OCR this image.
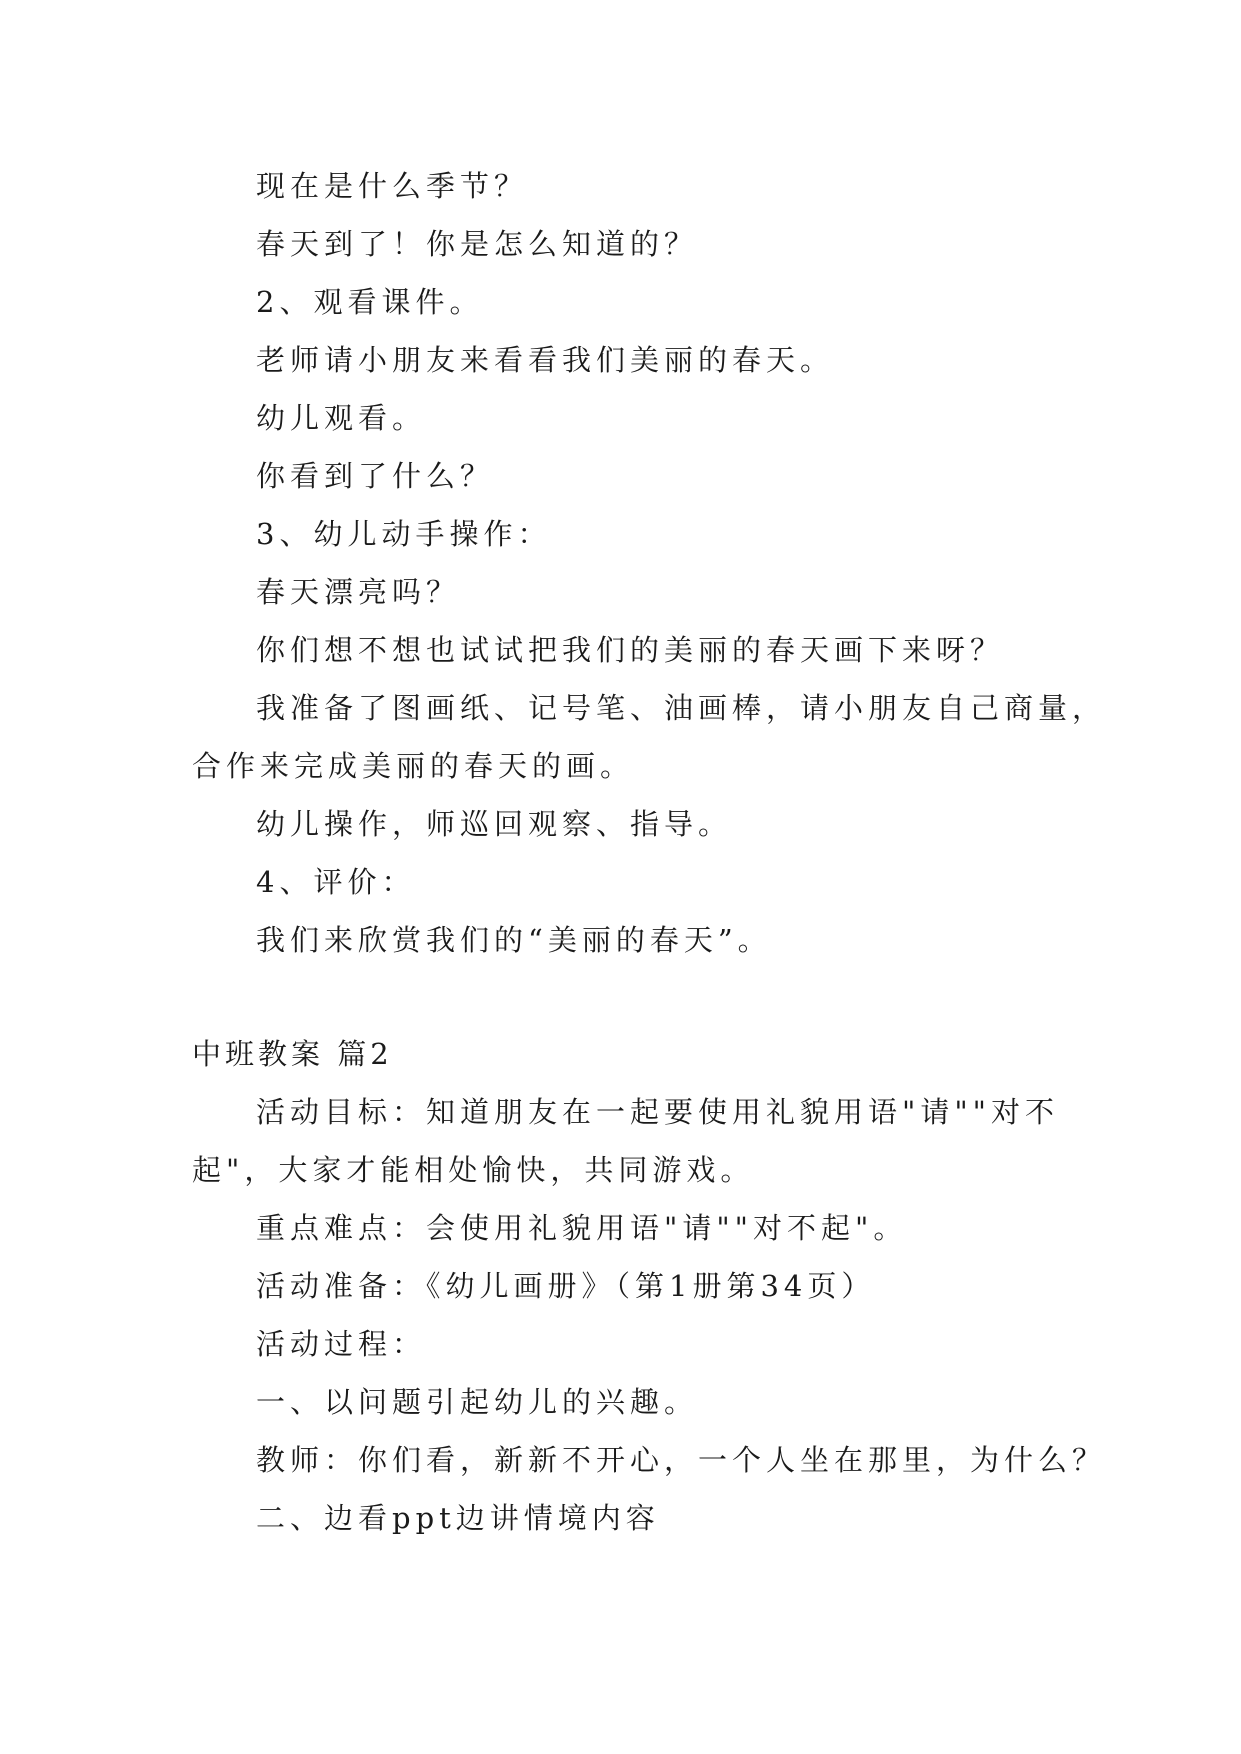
现在是什么季节？
春天到了！你是怎么知道的？
2、观看课件。
老师请小朋友来看看我们美丽的春天。
幼儿观看。
你看到了什么？
3、幼儿动手操作：
春天漂亮吗？
你们想不想也试试把我们的美丽的春天画下来呀？
我准备了图画纸、记号笔、油画棒，请小朋友自己商量，
合作来完成美丽的春天的画。
幼儿操作，师巡回观察、指导。
4、评价：
我们来欣赏我们的“美丽的春天”。
中班教案 篇2
活动目标：知道朋友在一起要使用礼貌用语"请""对不
起"，大家才能相处愉快，共同游戏。
重点难点：会使用礼貌用语"请""对不起"。
活动准备：《幼儿画册》（第1册第34页）
活动过程：
一、以问题引起幼儿的兴趣。
教师：你们看，新新不开心，一个人坐在那里，为什么？
二、边看ppt边讲情境内容
